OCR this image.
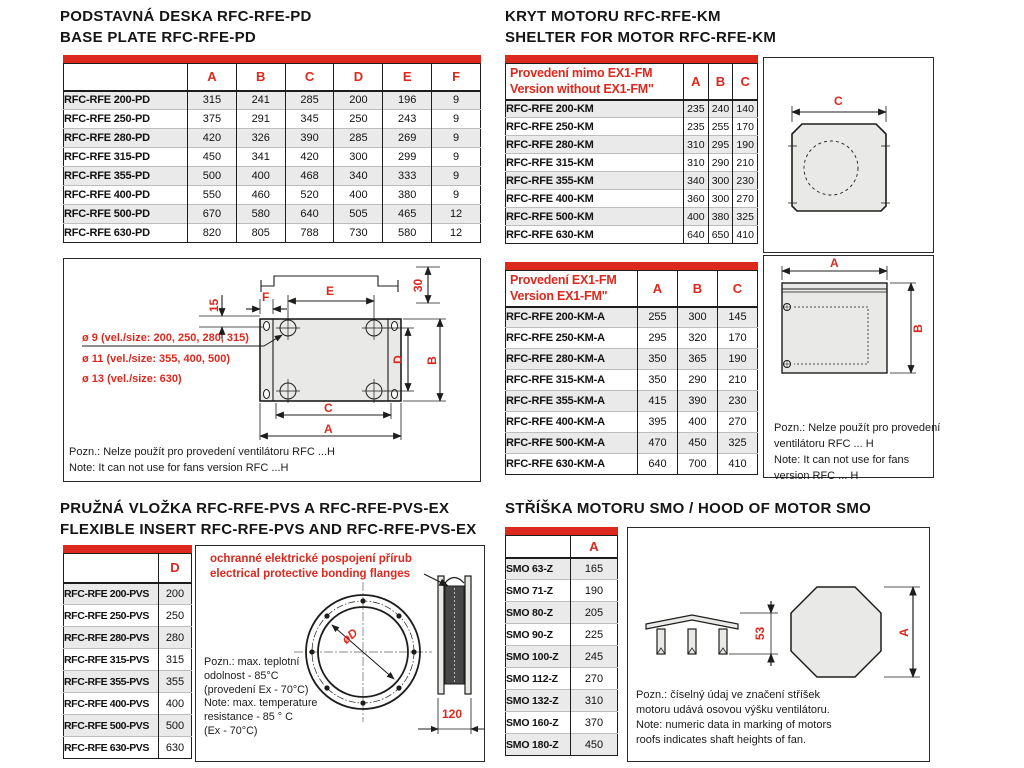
PODSTAVNÁ DESKA RFC-RFE-PD
BASE PLATE RFC-RFE-PD
	A	B	C	D	E	F
RFC-RFE 200-PD	315	241	285	200	196	9
RFC-RFE 250-PD	375	291	345	250	243	9
RFC-RFE 280-PD	420	326	390	285	269	9
RFC-RFE 315-PD	450	341	420	300	299	9
RFC-RFE 355-PD	500	400	468	340	333	9
RFC-RFE 400-PD	550	460	520	400	380	9
RFC-RFE 500-PD	670	580	640	505	465	12
RFC-RFE 630-PD	820	805	788	730	580	12
15
F	E	30
D B
C
A
ø 9 (vel./size: 200, 250, 280, 315)
ø 11 (vel./size: 355, 400, 500)
ø 13 (vel./size: 630)
Pozn.: Nelze použít pro provedení ventilátoru RFC ...H
Note: It can not use for fans version RFC ...H
KRYT MOTORU RFC-RFE-KM
SHELTER FOR MOTOR RFC-RFE-KM
Provedení mimo EX1-FM
Version without EX1-FM"	A	B	C
RFC-RFE 200-KM	235	240	140
RFC-RFE 250-KM	235	255	170
RFC-RFE 280-KM	310	295	190
RFC-RFE 315-KM	310	290	210
RFC-RFE 355-KM	340	300	230
RFC-RFE 400-KM	360	300	270
RFC-RFE 500-KM	400	380	325
RFC-RFE 630-KM	640	650	410
Provedení EX1-FM
Version EX1-FM"	A	B	C
RFC-RFE 200-KM-A	255	300	145
RFC-RFE 250-KM-A	295	320	170
RFC-RFE 280-KM-A	350	365	190
RFC-RFE 315-KM-A	350	290	210
RFC-RFE 355-KM-A	415	390	230
RFC-RFE 400-KM-A	395	400	270
RFC-RFE 500-KM-A	470	450	325
RFC-RFE 630-KM-A	640	700	410
C
A
B
Pozn.: Nelze použít pro provedení
ventilátoru RFC ... H
Note: It can not use for fans
version RFC ... H
PRUŽNÁ VLOŽKA RFC-RFE-PVS A RFC-RFE-PVS-EX
FLEXIBLE INSERT RFC-RFE-PVS AND RFC-RFE-PVS-EX
	D
RFC-RFE 200-PVS	200
RFC-RFE 250-PVS	250
RFC-RFE 280-PVS	280
RFC-RFE 315-PVS	315
RFC-RFE 355-PVS	355
RFC-RFE 400-PVS	400
RFC-RFE 500-PVS	500
RFC-RFE 630-PVS	630
ochranné elektrické pospojení přírub
electrical protective bonding flanges
øD
120
Pozn.: max. teplotní
odolnost - 85°C
(provedení Ex - 70°C)
Note: max. temperature
resistance - 85 ° C
(Ex - 70°C)
STŘÍŠKA MOTORU SMO / HOOD OF MOTOR SMO
	A
SMO 63-Z	165
SMO 71-Z	190
SMO 80-Z	205
SMO 90-Z	225
SMO 100-Z	245
SMO 112-Z	270
SMO 132-Z	310
SMO 160-Z	370
SMO 180-Z	450
53	A
Pozn.: číselný údaj ve značení stříšek
motoru udává osovou výšku ventilátoru.
Note: numeric data in marking of motors
roofs indicates shaft heights of fan.
